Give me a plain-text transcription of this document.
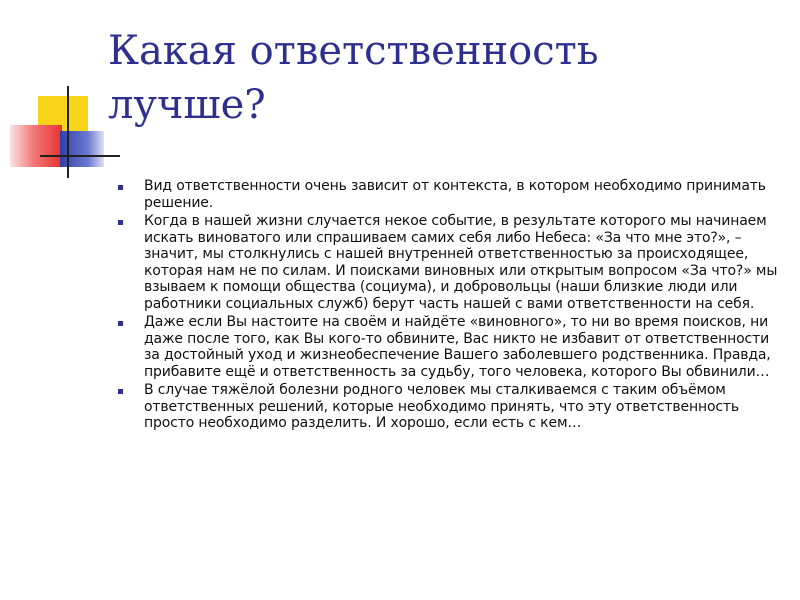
Какая ответственность
лучше?
Вид ответственности очень зависит от контекста, в котором необходимо принимать решение.
Когда в нашей жизни случается некое событие, в результате которого мы начинаем искать виноватого или спрашиваем самих себя либо Небеса: «За что мне это?», – значит, мы столкнулись с нашей внутренней ответственностью за происходящее, которая нам не по силам. И поисками виновных или открытым вопросом «За что?» мы взываем к помощи общества (социума), и добровольцы (наши близкие люди или работники социальных служб) берут часть нашей с вами ответственности на себя.
Даже если Вы настоите на своём и найдёте «виновного», то ни во время поисков, ни даже после того, как Вы кого-то обвините, Вас никто не избавит от ответственности за достойный уход и жизнеобеспечение Вашего заболевшего родственника. Правда, прибавите ещё и ответственность за судьбу, того человека, которого Вы обвинили…
В случае тяжёлой болезни родного человек мы сталкиваемся с таким объёмом ответственных решений, которые необходимо принять, что эту ответственность просто необходимо разделить. И хорошо, если есть с кем…
